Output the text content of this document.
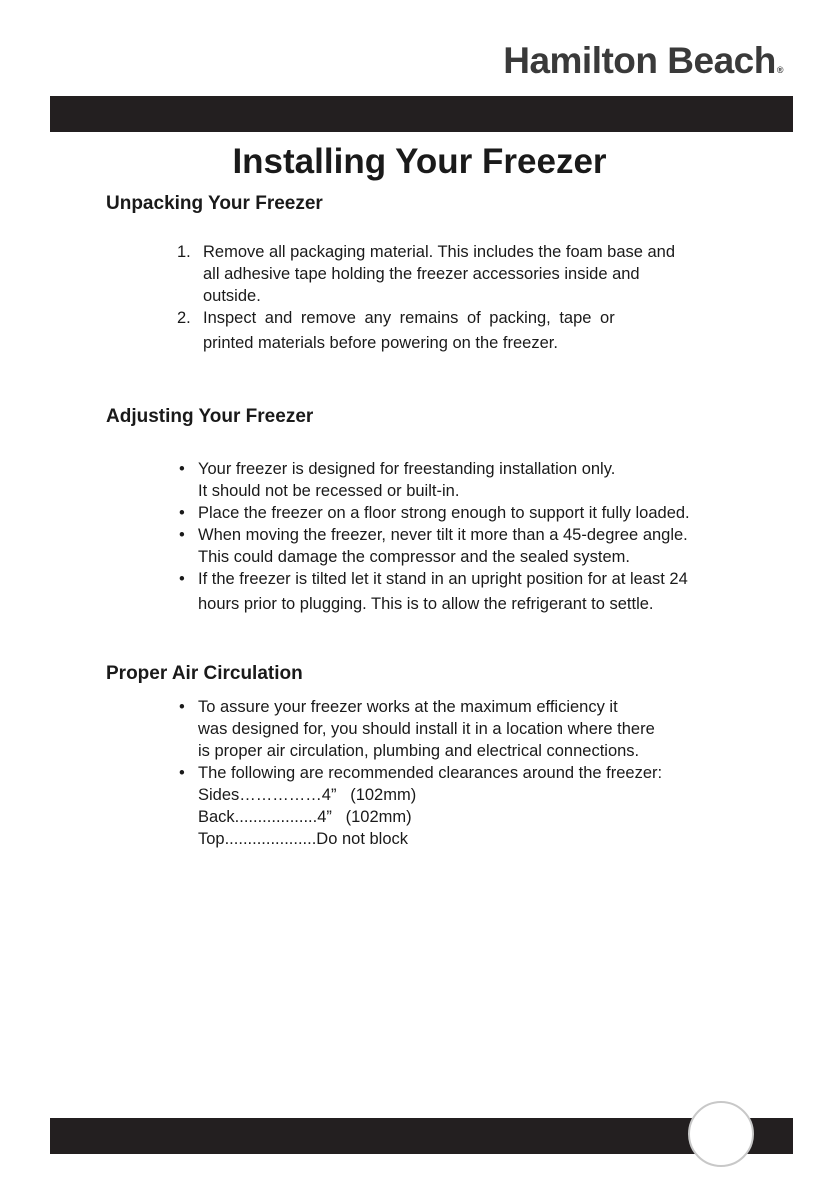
Hamilton Beach®
Installing Your Freezer
Unpacking Your Freezer
1. Remove all packaging material. This includes the foam base and
all adhesive tape holding the freezer accessories inside and
outside.
2. Inspect and remove any remains of packing, tape or
printed materials before powering on the freezer.
Adjusting Your Freezer
• Your freezer is designed for freestanding installation only.
It should not be recessed or built-in.
• Place the freezer on a floor strong enough to support it fully loaded.
• When moving the freezer, never tilt it more than a 45-degree angle.
This could damage the compressor and the sealed system.
• If the freezer is tilted let it stand in an upright position for at least 24

hours prior to plugging. This is to allow the refrigerant to settle.
Proper Air Circulation
• To assure your freezer works at the maximum efficiency it
was designed for, you should install it in a location where there
is proper air circulation, plumbing and electrical connections.
• The following are recommended clearances around the freezer:
Sides……………4”   (102mm)
Back..................4”   (102mm)
Top....................Do not block
